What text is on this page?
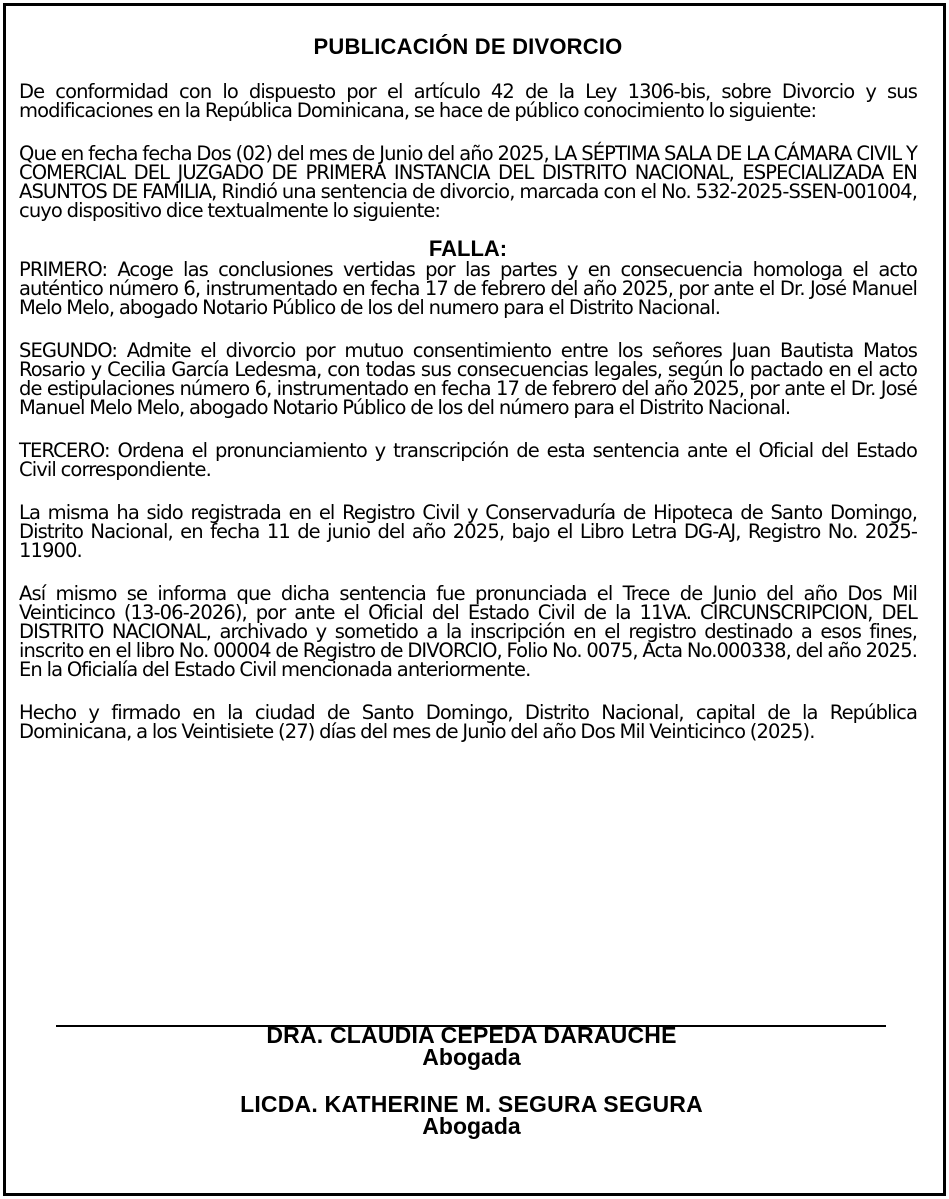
PUBLICACIÓN DE DIVORCIO
De conformidad con lo dispuesto por el artículo 42 de la Ley 1306-bis, sobre Divorcio y sus modificaciones en la República Dominicana, se hace de público conocimiento lo siguiente:
Que en fecha fecha Dos (02) del mes de Junio del año 2025, LA SÉPTIMA SALA DE LA CÁMARA CIVIL Y COMERCIAL DEL JUZGADO DE PRIMERA INSTANCIA DEL DISTRITO NACIONAL, ESPECIALIZADA EN ASUNTOS DE FAMILIA, Rindió una sentencia de divorcio, marcada con el No. 532-2025-SSEN-001004, cuyo dispositivo dice textualmente lo siguiente:
FALLA:
PRIMERO: Acoge las conclusiones vertidas por las partes y en consecuencia homologa el acto auténtico número 6, instrumentado en fecha 17 de febrero del año 2025, por ante el Dr. José Manuel Melo Melo, abogado Notario Público de los del numero para el Distrito Nacional.
SEGUNDO: Admite el divorcio por mutuo consentimiento entre los señores Juan Bautista Matos Rosario y Cecilia García Ledesma, con todas sus consecuencias legales, según lo pactado en el acto de estipulaciones número 6, instrumentado en fecha 17 de febrero del año 2025, por ante el Dr. José Manuel Melo Melo, abogado Notario Público de los del número para el Distrito Nacional.
TERCERO: Ordena el pronunciamiento y transcripción de esta sentencia ante el Oficial del Estado Civil correspondiente.
La misma ha sido registrada en el Registro Civil y Conservaduría de Hipoteca de Santo Domingo, Distrito Nacional, en fecha 11 de junio del año 2025, bajo el Libro Letra DG-AJ, Registro No. 2025-11900.
Así mismo se informa que dicha sentencia fue pronunciada el Trece de Junio del año Dos Mil Veinticinco (13-06-2026), por ante el Oficial del Estado Civil de la 11VA. CIRCUNSCRIPCION, DEL DISTRITO NACIONAL, archivado y sometido a la inscripción en el registro destinado a esos fines, inscrito en el libro No. 00004 de Registro de DIVORCIO, Folio No. 0075, Acta No.000338, del año 2025. En la Oficialía del Estado Civil mencionada anteriormente.
Hecho y firmado en la ciudad de Santo Domingo, Distrito Nacional, capital de la República Dominicana, a los Veintisiete (27) días del mes de Junio del año Dos Mil Veinticinco (2025).
DRA. CLAUDIA CEPEDA DARAUCHE
Abogada
LICDA. KATHERINE M. SEGURA SEGURA
Abogada
